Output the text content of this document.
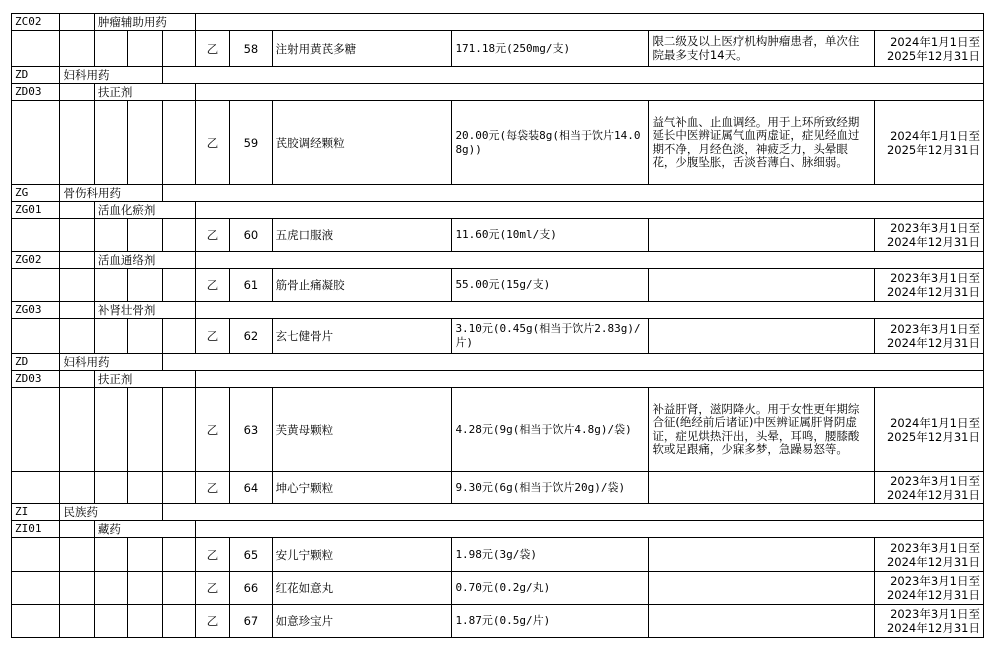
ZC02		肿瘤辅助用药								
					乙	58	注射用黄芪多糖	171.18元(250mg/支)	限二级及以上医疗机构肿瘤患者，单次住院最多支付14天。	2024年1月1日至
2025年12月31日

ZD	妇科用药									
ZD03		扶正剂								
					乙	59	芪胶调经颗粒	20.00元(每袋装8g(相当于饮片14.08g))	益气补血、止血调经。用于上环所致经期延长中医辨证属气血两虚证，症见经血过期不净，月经色淡，神疲乏力，头晕眼花，少腹坠胀，舌淡苔薄白、脉细弱。	2024年1月1日至
2025年12月31日

ZG	骨伤科用药									
ZG01		活血化瘀剂								
					乙	60	五虎口服液	11.60元(10ml/支)		2023年3月1日至
2024年12月31日

ZG02		活血通络剂								
					乙	61	筋骨止痛凝胶	55.00元(15g/支)		2023年3月1日至
2024年12月31日

ZG03		补肾壮骨剂								
					乙	62	玄七健骨片	3.10元(0.45g(相当于饮片2.83g)/片)		2023年3月1日至
2024年12月31日

ZD	妇科用药									
ZD03		扶正剂								
					乙	63	芙黄母颗粒	4.28元(9g(相当于饮片4.8g)/袋)	补益肝肾，滋阴降火。用于女性更年期综合征(绝经前后诸证)中医辨证属肝肾阴虚证，症见烘热汗出，头晕，耳鸣，腰膝酸软或足跟痛，少寐多梦，急躁易怒等。	2024年1月1日至
2025年12月31日

					乙	64	坤心宁颗粒	9.30元(6g(相当于饮片20g)/袋)		2023年3月1日至
2024年12月31日

ZI	民族药									
ZI01		藏药								
					乙	65	安儿宁颗粒	1.98元(3g/袋)		2023年3月1日至
2024年12月31日

					乙	66	红花如意丸	0.70元(0.2g/丸)		2023年3月1日至
2024年12月31日

					乙	67	如意珍宝片	1.87元(0.5g/片)		2023年3月1日至
2024年12月31日
